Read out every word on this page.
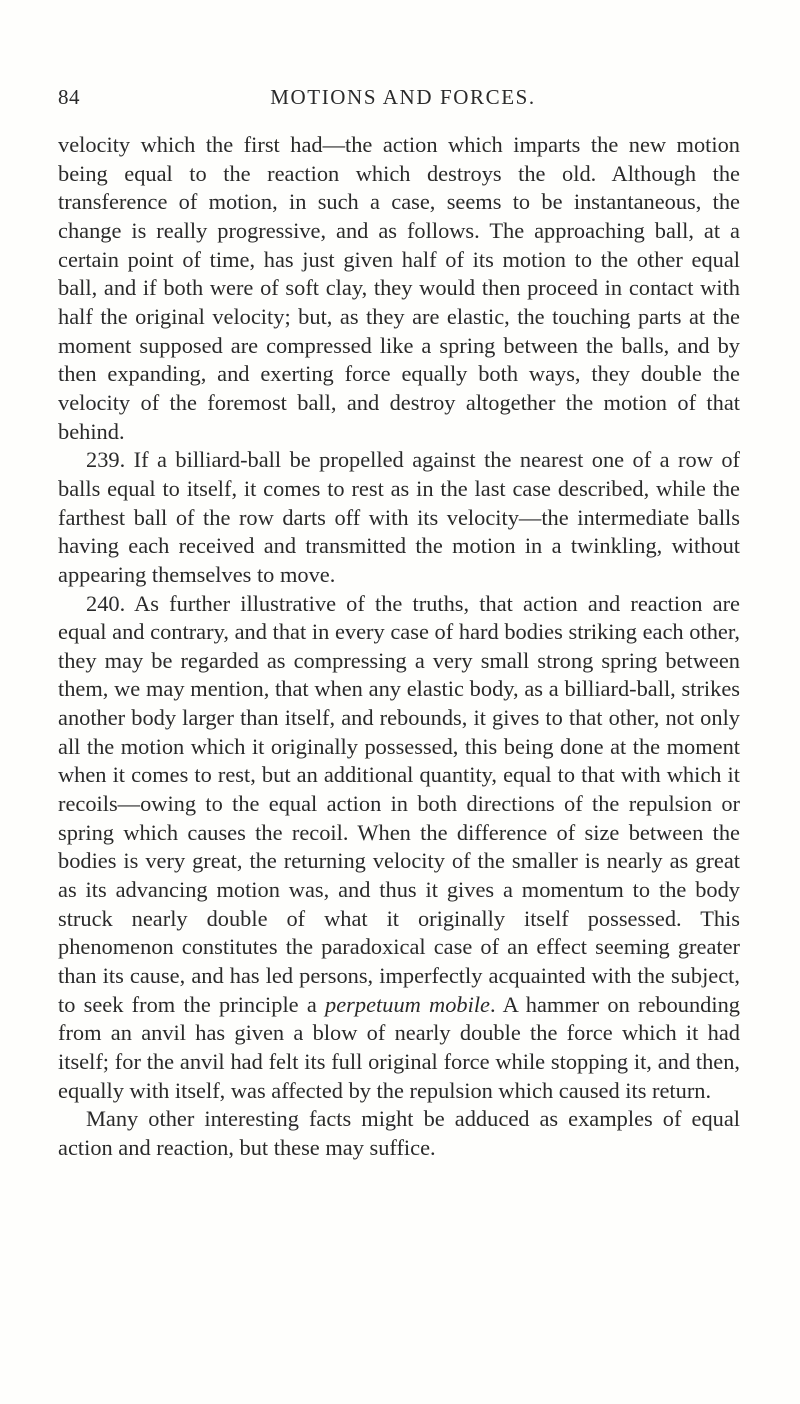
84	MOTIONS AND FORCES.

velocity which the first had—the action which imparts the new motion being equal to the reaction which destroys the old. Although the transference of motion, in such a case, seems to be instantaneous, the change is really progressive, and as follows. The approaching ball, at a certain point of time, has just given half of its motion to the other equal ball, and if both were of soft clay, they would then proceed in contact with half the original velocity; but, as they are elastic, the touching parts at the moment supposed are compressed like a spring between the balls, and by then expanding, and exerting force equally both ways, they double the velocity of the foremost ball, and destroy altogether the motion of that behind.

239. If a billiard-ball be propelled against the nearest one of a row of balls equal to itself, it comes to rest as in the last case described, while the farthest ball of the row darts off with its velocity—the intermediate balls having each received and transmitted the motion in a twinkling, without appearing themselves to move.

240. As further illustrative of the truths, that action and reaction are equal and contrary, and that in every case of hard bodies striking each other, they may be regarded as compressing a very small strong spring between them, we may mention, that when any elastic body, as a billiard-ball, strikes another body larger than itself, and rebounds, it gives to that other, not only all the motion which it originally possessed, this being done at the moment when it comes to rest, but an additional quantity, equal to that with which it recoils—owing to the equal action in both directions of the repulsion or spring which causes the recoil. When the difference of size between the bodies is very great, the returning velocity of the smaller is nearly as great as its advancing motion was, and thus it gives a momentum to the body struck nearly double of what it originally itself possessed. This phenomenon constitutes the paradoxical case of an effect seeming greater than its cause, and has led persons, imperfectly acquainted with the subject, to seek from the principle a perpetuum mobile. A hammer on rebounding from an anvil has given a blow of nearly double the force which it had itself; for the anvil had felt its full original force while stopping it, and then, equally with itself, was affected by the repulsion which caused its return.

Many other interesting facts might be adduced as examples of equal action and reaction, but these may suffice.
